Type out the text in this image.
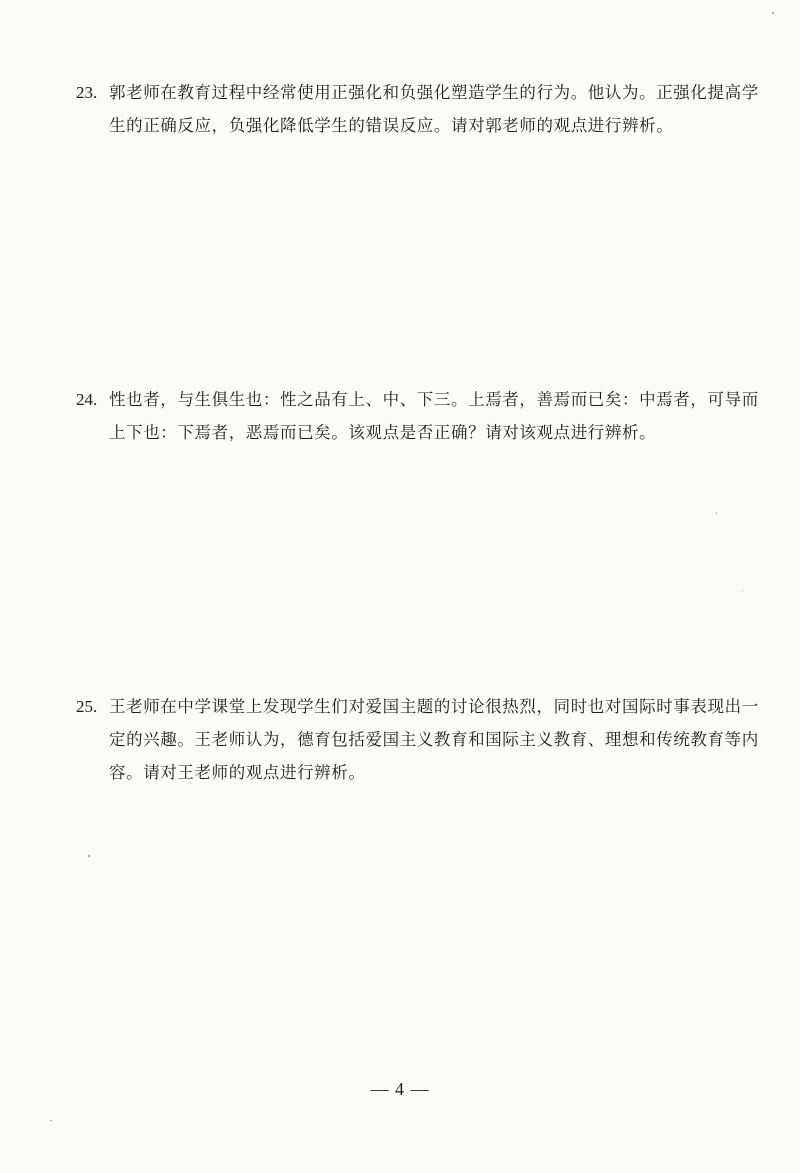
23. 郭老师在教育过程中经常使用正强化和负强化塑造学生的行为。他认为。正强化提高学
生的正确反应，负强化降低学生的错误反应。请对郭老师的观点进行辨析。
24. 性也者，与生俱生也：性之品有上、中、下三。上焉者，善焉而已矣：中焉者，可导而
上下也：下焉者，恶焉而已矣。该观点是否正确？请对该观点进行辨析。
25. 王老师在中学课堂上发现学生们对爱国主题的讨论很热烈，同时也对国际时事表现出一
定的兴趣。王老师认为，德育包括爱国主义教育和国际主义教育、理想和传统教育等内
容。请对王老师的观点进行辨析。
— 4 —
